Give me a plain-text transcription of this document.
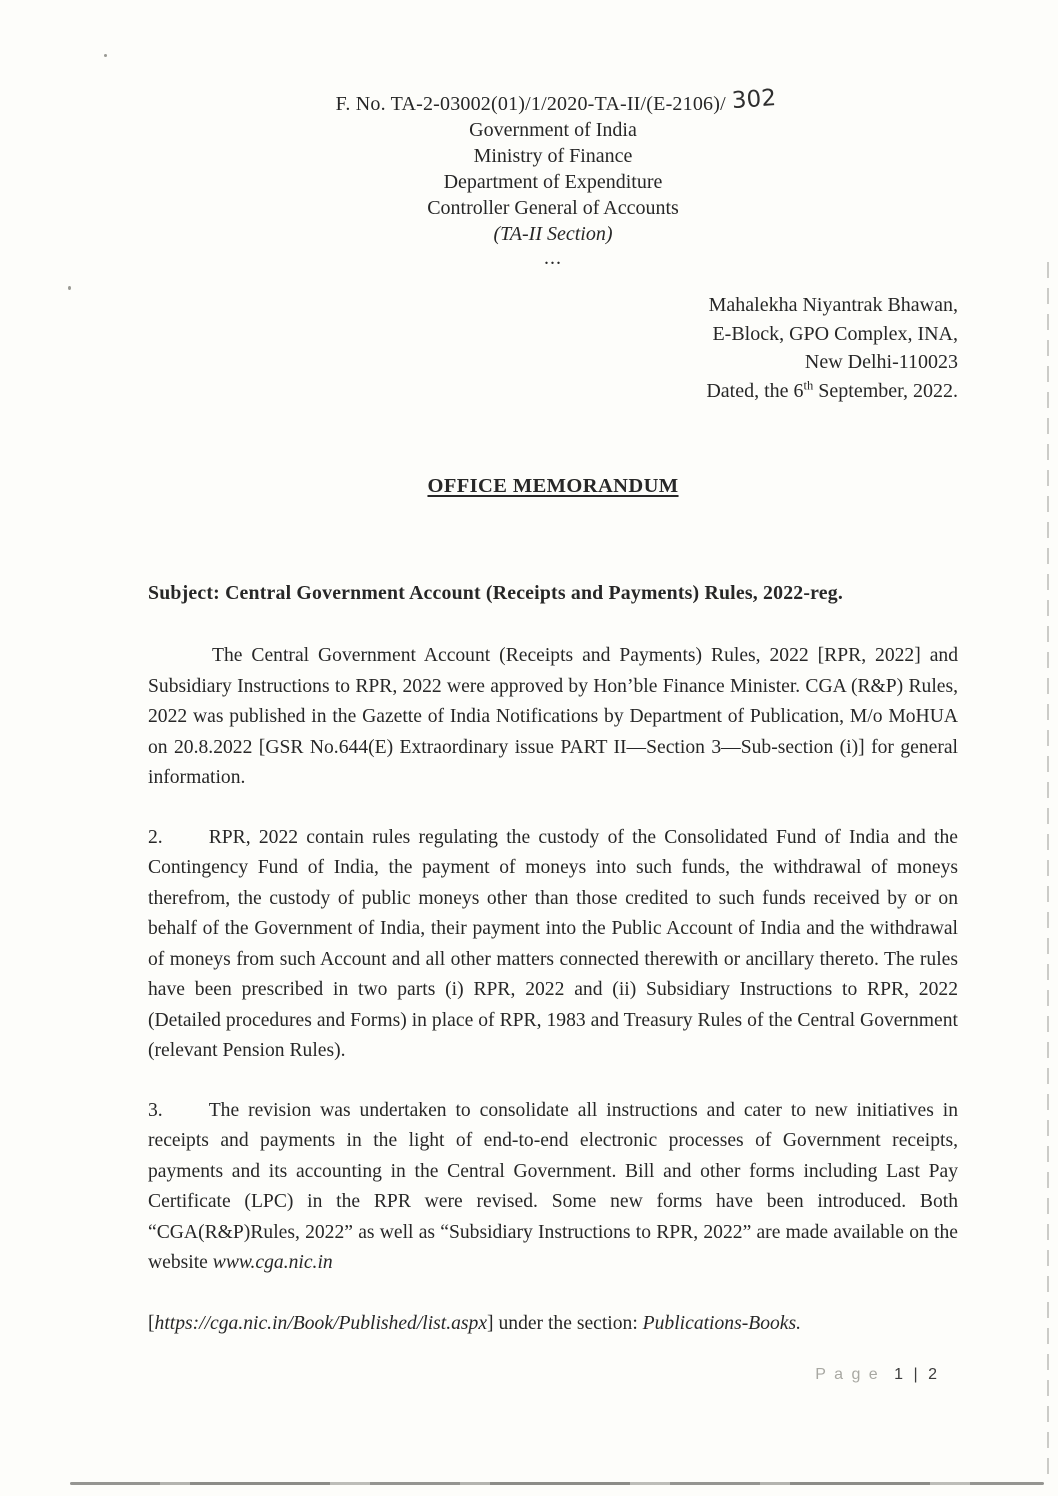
F. No. TA-2-03002(01)/1/2020-TA-II/(E-2106)/ 302
Government of India
Ministry of Finance
Department of Expenditure
Controller General of Accounts
(TA-II Section)
...
Mahalekha Niyantrak Bhawan,
E-Block, GPO Complex, INA,
New Delhi-110023
Dated, the 6th September, 2022.
OFFICE MEMORANDUM
Subject: Central Government Account (Receipts and Payments) Rules, 2022-reg.

The Central Government Account (Receipts and Payments) Rules, 2022 [RPR, 2022] and Subsidiary Instructions to RPR, 2022 were approved by Hon’ble Finance Minister. CGA (R&P) Rules, 2022 was published in the Gazette of India Notifications by Department of Publication, M/o MoHUA on 20.8.2022 [GSR No.644(E) Extraordinary issue PART II—Section 3—Sub-section (i)] for general information.

2. RPR, 2022 contain rules regulating the custody of the Consolidated Fund of India and the Contingency Fund of India, the payment of moneys into such funds, the withdrawal of moneys therefrom, the custody of public moneys other than those credited to such funds received by or on behalf of the Government of India, their payment into the Public Account of India and the withdrawal of moneys from such Account and all other matters connected therewith or ancillary thereto. The rules have been prescribed in two parts (i) RPR, 2022 and (ii) Subsidiary Instructions to RPR, 2022 (Detailed procedures and Forms) in place of RPR, 1983 and Treasury Rules of the Central Government (relevant Pension Rules).

3. The revision was undertaken to consolidate all instructions and cater to new initiatives in receipts and payments in the light of end-to-end electronic processes of Government receipts, payments and its accounting in the Central Government. Bill and other forms including Last Pay Certificate (LPC) in the RPR were revised. Some new forms have been introduced. Both “CGA(R&P)Rules, 2022” as well as “Subsidiary Instructions to RPR, 2022” are made available on the website www.cga.nic.in

[https://cga.nic.in/Book/Published/list.aspx] under the section: Publications-Books.

P a g e 1 | 2
